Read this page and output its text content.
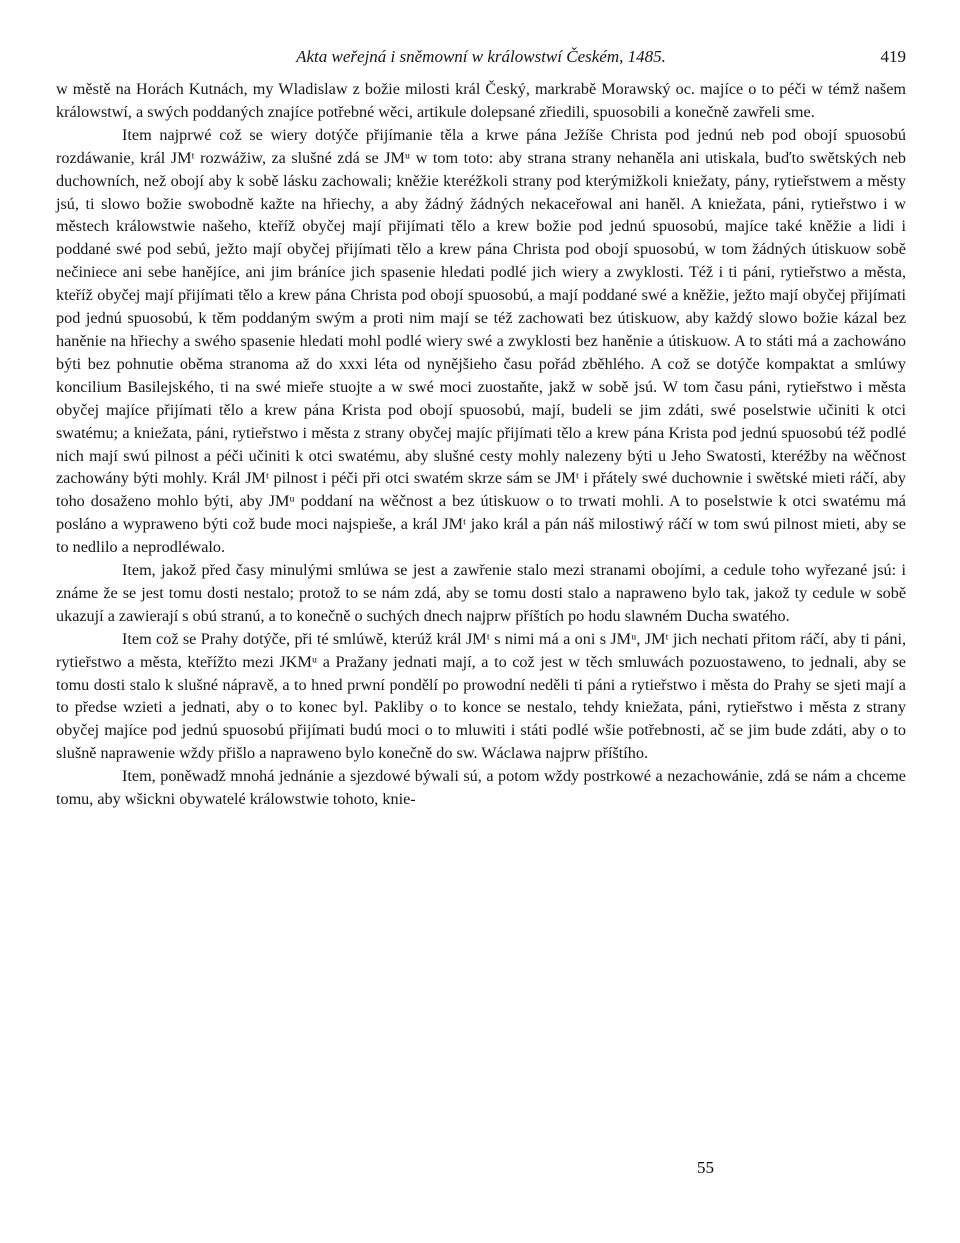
Akta weřejná i sněmowní w králowstwí Českém, 1485.	419

w městě na Horách Kutnách, my Wladislaw z božie milosti král Český, markrabě Morawský oc. majíce o to péči w témž našem králowstwí, a swých poddaných znajíce potřebné wěci, artikule dolepsané zřiedili, spuosobili a konečně zawřeli sme.

Item najprwé což se wiery dotýče přijímanie těla a krwe pána Ježíše Christa pod jednú neb pod obojí spuosobú rozdáwanie, král JMᵗ rozwážiw, za slušné zdá se JMᵘ w tom toto: aby strana strany nehaněla ani utiskala, buďto swětských neb duchowních, než obojí aby k sobě lásku zachowali; kněžie kteréžkoli strany pod kterýmižkoli kniežaty, pány, rytieřstwem a městy jsú, ti slowo božie swobodně kažte na hřiechy, a aby žádný žádných nekaceřowal ani haněl. A kniežata, páni, rytieřstwo i w městech králowstwie našeho, kteříž obyčej mají přijímati tělo a krew božie pod jednú spuosobú, majíce také kněžie a lidi i poddané swé pod sebú, ježto mají obyčej přijímati tělo a krew pána Christa pod obojí spuosobú, w tom žádných útiskuow sobě nečiniece ani sebe hanějíce, ani jim bráníce jich spasenie hledati podlé jich wiery a zwyklosti. Též i ti páni, rytieřstwo a města, kteříž obyčej mají přijímati tělo a krew pána Christa pod obojí spuosobú, a mají poddané swé a kněžie, ježto mají obyčej přijímati pod jednú spuosobú, k těm poddaným swým a proti nim mají se též zachowati bez útiskuow, aby každý slowo božie kázal bez haněnie na hřiechy a swého spasenie hledati mohl podlé wiery swé a zwyklosti bez haněnie a útiskuow. A to státi má a zachowáno býti bez pohnutie oběma stranoma až do xxxi léta od nynějšieho času pořád zběhlého. A což se dotýče kompaktat a smlúwy koncilium Basilejského, ti na swé mieře stuojte a w swé moci zuostaňte, jakž w sobě jsú. W tom času páni, rytieřstwo i města obyčej majíce přijímati tělo a krew pána Krista pod obojí spuosobú, mají, budeli se jim zdáti, swé poselstwie učiniti k otci swatému; a kniežata, páni, rytieřstwo i města z strany obyčej majíc přijímati tělo a krew pána Krista pod jednú spuosobú též podlé nich mají swú pilnost a péči učiniti k otci swatému, aby slušné cesty mohly nalezeny býti u Jeho Swatosti, kteréžby na wěčnost zachowány býti mohly. Král JMᵗ pilnost i péči při otci swatém skrze sám se JMᵗ i přátely swé duchownie i swětské mieti ráčí, aby toho dosaženo mohlo býti, aby JMᵘ poddaní na wěčnost a bez útiskuow o to trwati mohli. A to poselstwie k otci swatému má posláno a wypraweno býti což bude moci najspieše, a král JMᵗ jako král a pán náš milostiwý ráčí w tom swú pilnost mieti, aby se to nedlilo a neprodléwalo.

Item, jakož před časy minulými smlúwa se jest a zawřenie stalo mezi stranami obojími, a cedule toho wyřezané jsú: i známe že se jest tomu dosti nestalo; protož to se nám zdá, aby se tomu dosti stalo a napraweno bylo tak, jakož ty cedule w sobě ukazují a zawierají s obú stranú, a to konečně o suchých dnech najprw příštích po hodu slawném Ducha swatého.

Item což se Prahy dotýče, při té smlúwě, kterúž král JMᵗ s nimi má a oni s JMᵘ, JMᵗ jich nechati přitom ráčí, aby ti páni, rytieřstwo a města, kteřížto mezi JKMᵘ a Pražany jednati mají, a to což jest w těch smluwách pozuostaweno, to jednali, aby se tomu dosti stalo k slušné nápravě, a to hned prwní pondělí po prowodní neděli ti páni a rytieřstwo i města do Prahy se sjeti mají a to předse wzieti a jednati, aby o to konec byl. Pakliby o to konce se nestalo, tehdy kniežata, páni, rytieřstwo i města z strany obyčej majíce pod jednú spuosobú přijímati budú moci o to mluwiti i státi podlé wšie potřebnosti, ač se jim bude zdáti, aby o to slušně naprawenie wždy přišlo a napraweno bylo konečně do sw. Wáclawa najprw příštího.

Item, poněwadž mnohá jednánie a sjezdowé býwali sú, a potom wždy postrkowé a nezachowánie, zdá se nám a chceme tomu, aby wšickni obywatelé králowstwie tohoto, knie-

55
